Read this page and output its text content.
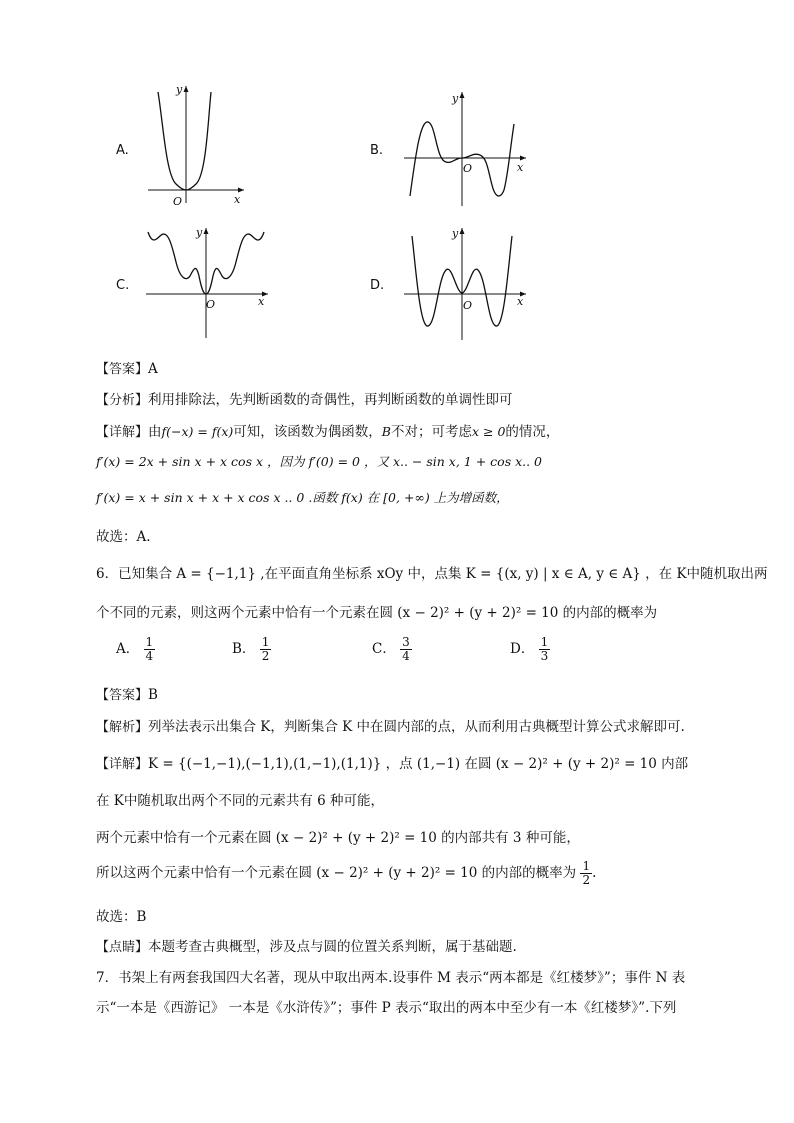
A.
y
x
O
B.
y
x
O
C.
y
x
O
D.
y
x
O
【答案】A
【分析】利用排除法，先判断函数的奇偶性，再判断函数的单调性即可
【详解】由f(−x) = f(x)可知，该函数为偶函数，B不对；可考虑x ≥ 0的情况，
f′(x) = 2x + sin x + x cos x ，因为 f′(0) = 0 ，又 x.. − sin x, 1 + cos x.. 0
f′(x) = x + sin x + x + x cos x .. 0 .函数 f(x) 在 [0, +∞) 上为增函数，
故选：A.
6．已知集合 A = {−1,1} ,在平面直角坐标系 xOy 中，点集 K = {(x, y) | x ∈ A, y ∈ A} ，在 K中随机取出两
个不同的元素，则这两个元素中恰有一个元素在圆 (x − 2)² + (y + 2)² = 10 的内部的概率为
A． $\frac{1}{4}$	B． $\frac{1}{2}$	C． $\frac{3}{4}$	D． $\frac{1}{3}$
【答案】B
【解析】列举法表示出集合 K，判断集合 K 中在圆内部的点，从而利用古典概型计算公式求解即可.
【详解】K = {(−1,−1),(−1,1),(1,−1),(1,1)} ，点 (1,−1) 在圆 (x − 2)² + (y + 2)² = 10 内部
在 K中随机取出两个不同的元素共有 6 种可能，
两个元素中恰有一个元素在圆 (x − 2)² + (y + 2)² = 10 的内部共有 3 种可能，
所以这两个元素中恰有一个元素在圆 (x − 2)² + (y + 2)² = 10 的内部的概率为 $\frac{1}{2}$ .
故选：B
【点睛】本题考查古典概型，涉及点与圆的位置关系判断，属于基础题.
7．书架上有两套我国四大名著，现从中取出两本.设事件 M 表示“两本都是《红楼梦》”；事件 N 表
示“一本是《西游记》 一本是《水浒传》”；事件 P 表示“取出的两本中至少有一本《红楼梦》”.下列
